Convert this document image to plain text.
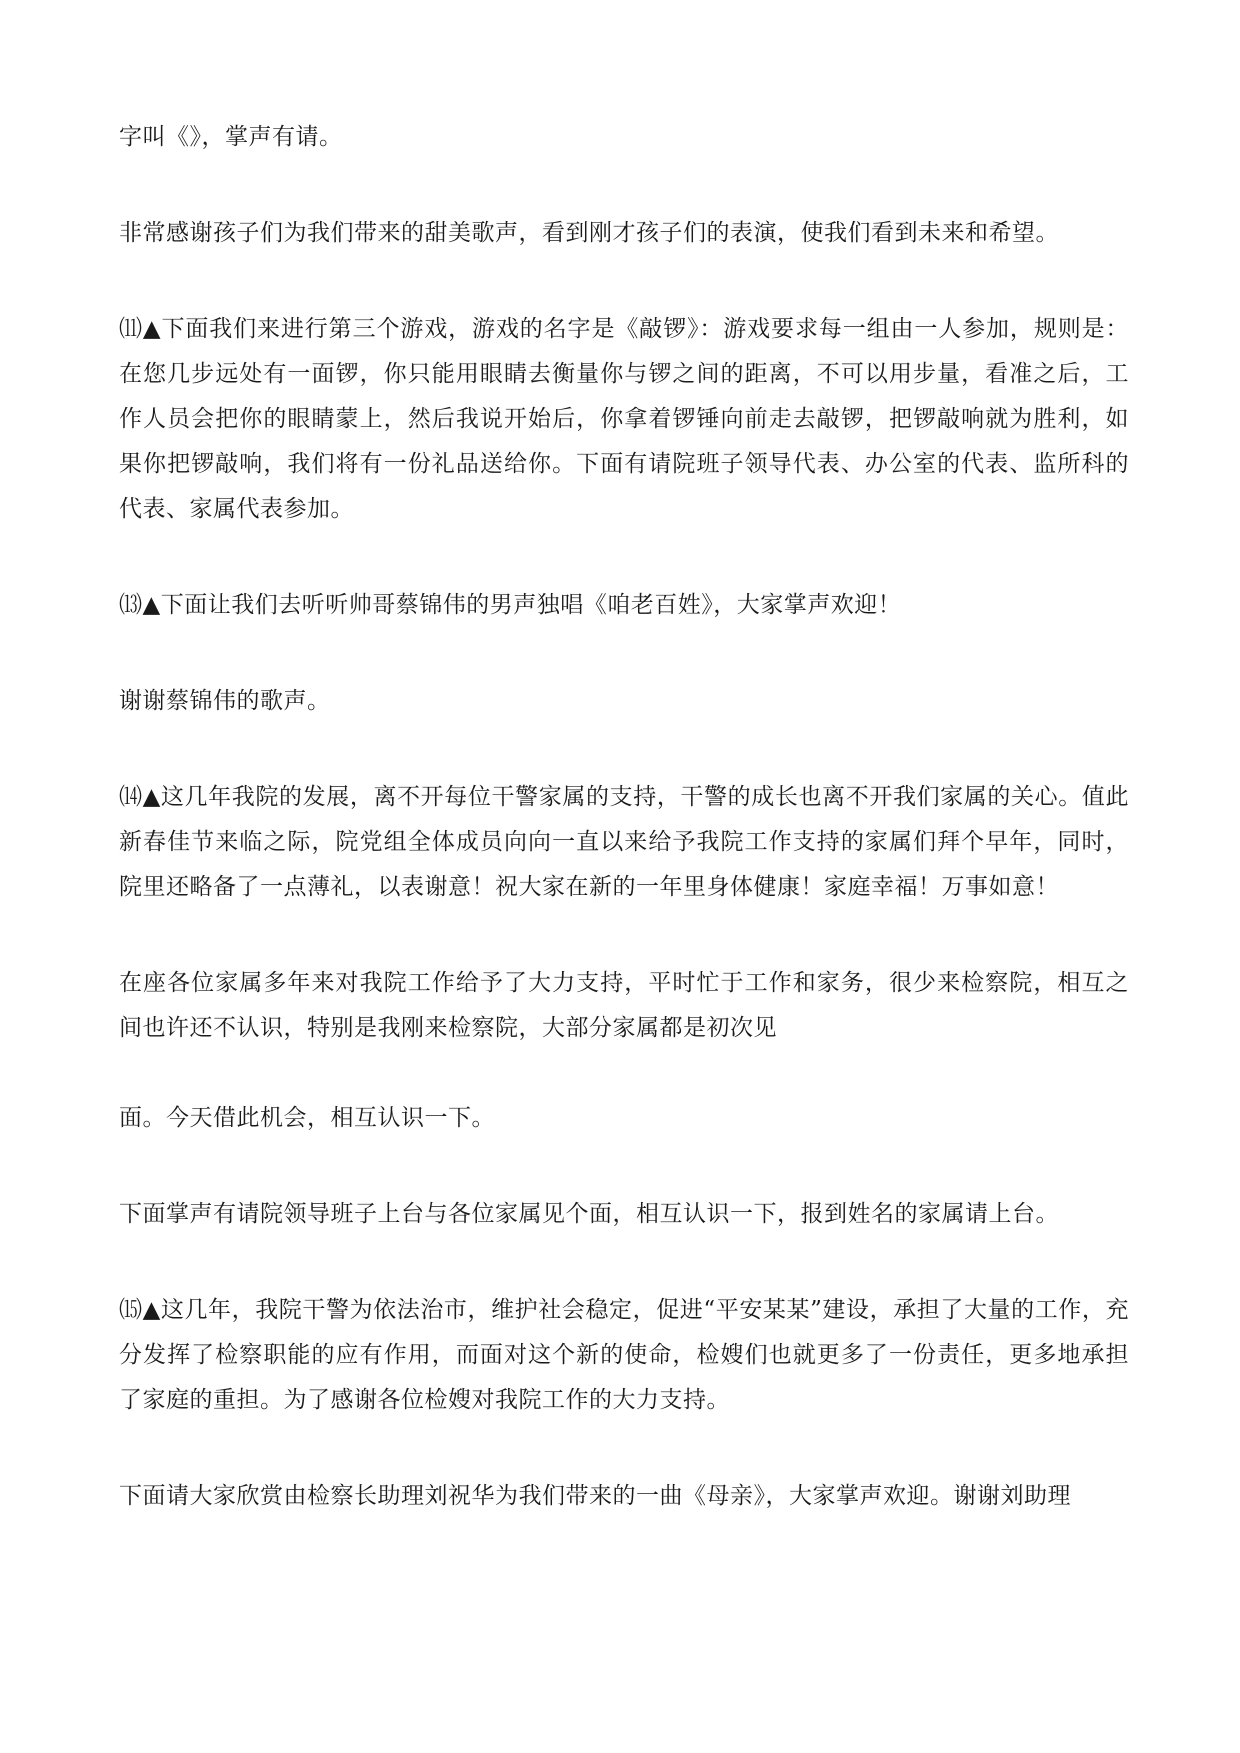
字叫《》，掌声有请。

非常感谢孩子们为我们带来的甜美歌声，看到刚才孩子们的表演，使我们看到未来和希望。

⑾▲下面我们来进行第三个游戏，游戏的名字是《敲锣》：游戏要求每一组由一人参加，规则是：在您几步远处有一面锣，你只能用眼睛去衡量你与锣之间的距离，不可以用步量，看准之后，工作人员会把你的眼睛蒙上，然后我说开始后，你拿着锣锤向前走去敲锣，把锣敲响就为胜利，如果你把锣敲响，我们将有一份礼品送给你。下面有请院班子领导代表、办公室的代表、监所科的代表、家属代表参加。

⒀▲下面让我们去听听帅哥蔡锦伟的男声独唱《咱老百姓》，大家掌声欢迎！

谢谢蔡锦伟的歌声。

⒁▲这几年我院的发展，离不开每位干警家属的支持，干警的成长也离不开我们家属的关心。值此新春佳节来临之际，院党组全体成员向向一直以来给予我院工作支持的家属们拜个早年，同时，院里还略备了一点薄礼，以表谢意！祝大家在新的一年里身体健康！家庭幸福！万事如意！

在座各位家属多年来对我院工作给予了大力支持，平时忙于工作和家务，很少来检察院，相互之间也许还不认识，特别是我刚来检察院，大部分家属都是初次见

面。今天借此机会，相互认识一下。

下面掌声有请院领导班子上台与各位家属见个面，相互认识一下，报到姓名的家属请上台。

⒂▲这几年，我院干警为依法治市，维护社会稳定，促进“平安某某”建设，承担了大量的工作，充分发挥了检察职能的应有作用，而面对这个新的使命，检嫂们也就更多了一份责任，更多地承担了家庭的重担。为了感谢各位检嫂对我院工作的大力支持。

下面请大家欣赏由检察长助理刘祝华为我们带来的一曲《母亲》，大家掌声欢迎。谢谢刘助理
